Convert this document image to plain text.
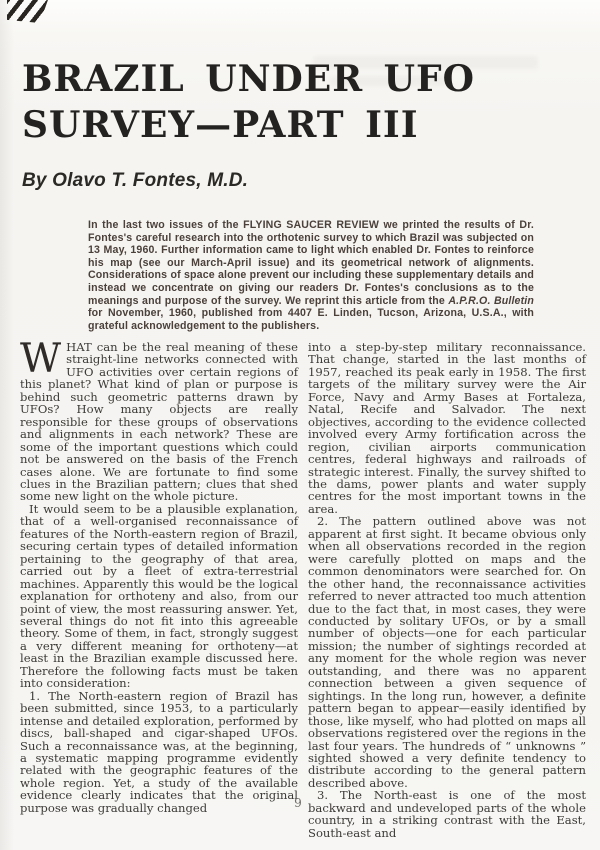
BRAZIL UNDER UFO
SURVEY—PART III
By Olavo T. Fontes, M.D.
In the last two issues of the FLYING SAUCER REVIEW we printed the results of Dr. Fontes's careful research into the orthotenic survey to which Brazil was subjected on 13 May, 1960. Further information came to light which enabled Dr. Fontes to reinforce his map (see our March-April issue) and its geometrical network of alignments. Considerations of space alone prevent our including these supplementary details and instead we concentrate on giving our readers Dr. Fontes's conclusions as to the meanings and purpose of the survey. We reprint this article from the A.P.R.O. Bulletin for November, 1960, published from 4407 E. Linden, Tucson, Arizona, U.S.A., with grateful acknowledgement to the publishers.

WHAT can be the real meaning of these straight-line networks connected with UFO activities over certain regions of this planet? What kind of plan or purpose is behind such geometric patterns drawn by UFOs? How many objects are really responsible for these groups of observations and alignments in each network? These are some of the important questions which could not be answered on the basis of the French cases alone. We are fortunate to find some clues in the Brazilian pattern; clues that shed some new light on the whole picture.

It would seem to be a plausible explanation, that of a well-organised reconnaissance of features of the North-eastern region of Brazil, securing certain types of detailed information pertaining to the geography of that area, carried out by a fleet of extra-terrestrial machines. Apparently this would be the logical explanation for orthoteny and also, from our point of view, the most reassuring answer. Yet, several things do not fit into this agreeable theory. Some of them, in fact, strongly suggest a very different meaning for orthoteny—at least in the Brazilian example discussed here. Therefore the following facts must be taken into consideration:

1. The North-eastern region of Brazil has been submitted, since 1953, to a particularly intense and detailed exploration, performed by discs, ball-shaped and cigar-shaped UFOs. Such a reconnaissance was, at the beginning, a systematic mapping programme evidently related with the geographic features of the whole region. Yet, a study of the available evidence clearly indicates that the original purpose was gradually changed

into a step-by-step military reconnaissance. That change, started in the last months of 1957, reached its peak early in 1958. The first targets of the military survey were the Air Force, Navy and Army Bases at Fortaleza, Natal, Recife and Salvador. The next objectives, according to the evidence collected involved every Army fortification across the region, civilian airports communication centres, federal highways and railroads of strategic interest. Finally, the survey shifted to the dams, power plants and water supply centres for the most important towns in the area.

2. The pattern outlined above was not apparent at first sight. It became obvious only when all observations recorded in the region were carefully plotted on maps and the common denominators were searched for. On the other hand, the reconnaissance activities referred to never attracted too much attention due to the fact that, in most cases, they were conducted by solitary UFOs, or by a small number of objects—one for each particular mission; the number of sightings recorded at any moment for the whole region was never outstanding, and there was no apparent connection between a given sequence of sightings. In the long run, however, a definite pattern began to appear—easily identified by those, like myself, who had plotted on maps all observations registered over the regions in the last four years. The hundreds of “ unknowns ” sighted showed a very definite tendency to distribute according to the general pattern described above.

3. The North-east is one of the most backward and undeveloped parts of the whole country, in a striking contrast with the East, South-east and

9
